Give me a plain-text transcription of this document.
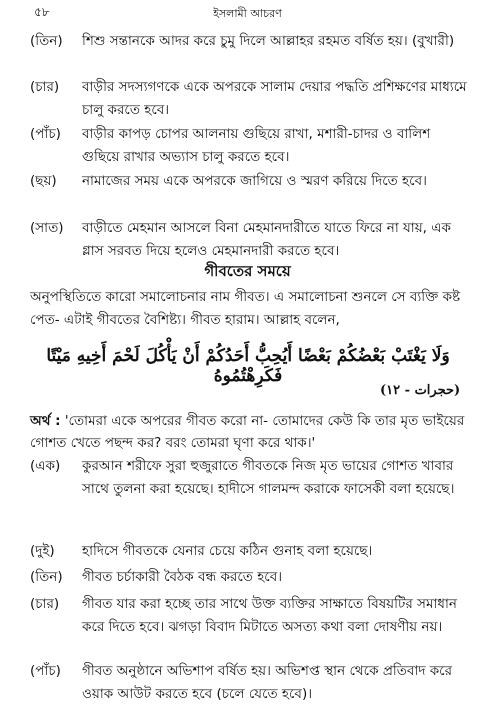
৫৮	ইসলামী আচরণ
(তিন) শিশু সন্তানকে আদর করে চুমু দিলে আল্লাহর রহমত বর্ষিত হয়। (বুখারী)
(চার) বাড়ীর সদস্যগণকে একে অপরকে সালাম দেয়ার পদ্ধতি প্রশিক্ষণের মাধ্যমে চালু করতে হবে।
(পাঁচ) বাড়ীর কাপড় চোপর আলনায় গুছিয়ে রাখা, মশারী-চাদর ও বালিশ গুছিয়ে রাখার অভ্যাস চালু করতে হবে।
(ছয়) নামাজের সময় একে অপরকে জাগিয়ে ও স্মরণ করিয়ে দিতে হবে।
(সাত) বাড়ীতে মেহমান আসলে বিনা মেহমানদারীতে যাতে ফিরে না যায়, এক গ্লাস সরবত দিয়ে হলেও মেহমানদারী করতে হবে।
গীবতের সময়ে
অনুপস্থিতিতে কারো সমালোচনার নাম গীবত। এ সমালোচনা শুনলে সে ব্যক্তি কষ্ট পেত- এটাই গীবতের বৈশিষ্ট্য। গীবত হারাম। আল্লাহ বলেন,
وَلَا يَغْتَبْ بَعْضُكُمْ بَعْضًا أَيُحِبُّ أَحَدُكُمْ أَنْ يَأْكُلَ لَحْمَ أَخِيهِ مَيْتًا فَكَرِهْتُمُوهُ
(حجرات - ١٢)
অর্থ : 'তোমরা একে অপরের গীবত করো না- তোমাদের কেউ কি তার মৃত ভাইয়ের গোশত খেতে পছন্দ কর? বরং তোমরা ঘৃণা করে থাক।'
(এক) কুরআন শরীফে সুরা হুজুরাতে গীবতকে নিজ মৃত ভায়ের গোশত খাবার সাথে তুলনা করা হয়েছে। হাদীসে গালমন্দ করাকে ফাসেকী বলা হয়েছে।
(দুই) হাদিসে গীবতকে যেনার চেয়ে কঠিন গুনাহ বলা হয়েছে।
(তিন) গীবত চর্চাকারী বৈঠক বন্ধ করতে হবে।
(চার) গীবত যার করা হচ্ছে তার সাথে উক্ত ব্যক্তির সাক্ষাতে বিষয়টির সমাধান করে দিতে হবে। ঝগড়া বিবাদ মিটাতে অসত্য কথা বলা দোষণীয় নয়।
(পাঁচ) গীবত অনুষ্ঠানে অভিশাপ বর্ষিত হয়। অভিশপ্ত স্থান থেকে প্রতিবাদ করে ওয়াক আউট করতে হবে (চলে যেতে হবে)।
